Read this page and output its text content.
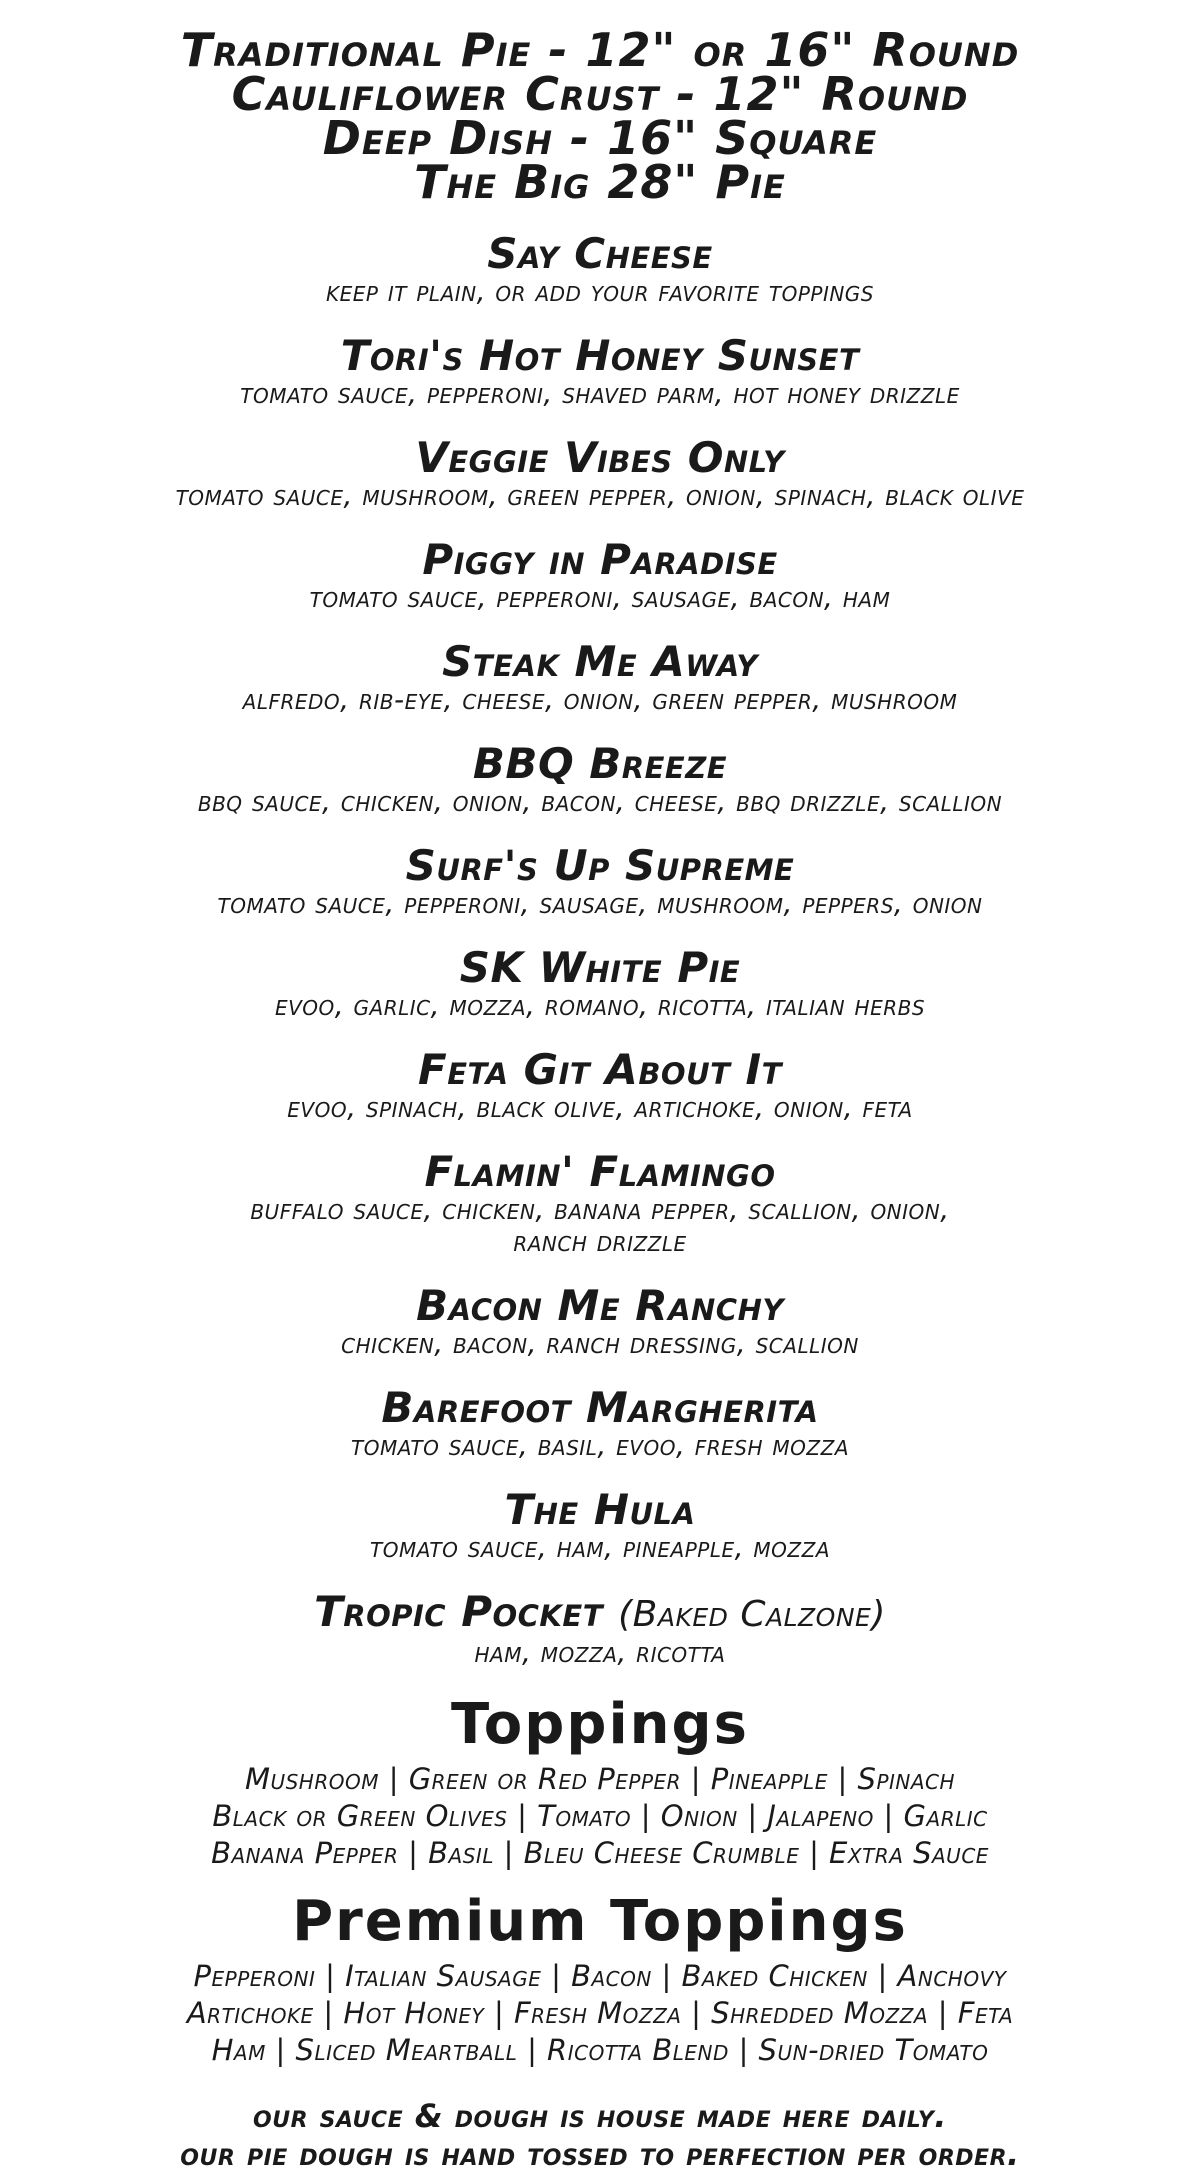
Traditional Pie - 12" or 16" Round
Cauliflower Crust - 12" Round
Deep Dish - 16" Square
The Big 28" Pie
Say Cheese
keep it plain, or add your favorite toppings
Tori's Hot Honey Sunset
tomato sauce, pepperoni, shaved parm, hot honey drizzle
Veggie Vibes Only
tomato sauce, mushroom, green pepper, onion, spinach, black olive
Piggy in Paradise
tomato sauce, pepperoni, sausage, bacon, ham
Steak Me Away
alfredo, rib-eye, cheese, onion, green pepper, mushroom
BBQ Breeze
bbq sauce, chicken, onion, bacon, cheese, bbq drizzle, scallion
Surf's Up Supreme
tomato sauce, pepperoni, sausage, mushroom, peppers, onion
SK White Pie
evoo, garlic, mozza, romano, ricotta, italian herbs
Feta Git About It
evoo, spinach, black olive, artichoke, onion, feta
Flamin' Flamingo
buffalo sauce, chicken, banana pepper, scallion, onion,
ranch drizzle
Bacon Me Ranchy
chicken, bacon, ranch dressing, scallion
Barefoot Margherita
tomato sauce, basil, evoo, fresh mozza
The Hula
tomato sauce, ham, pineapple, mozza
Tropic Pocket (Baked Calzone)
ham, mozza, ricotta
Toppings
Mushroom | Green or Red Pepper | Pineapple | Spinach
Black or Green Olives | Tomato | Onion | Jalapeno | Garlic
Banana Pepper | Basil | Bleu Cheese Crumble | Extra Sauce
Premium Toppings
Pepperoni | Italian Sausage | Bacon | Baked Chicken | Anchovy
Artichoke | Hot Honey | Fresh Mozza | Shredded Mozza | Feta
Ham | Sliced Meartball | Ricotta Blend | Sun-dried Tomato
our sauce & dough is house made here daily.
our pie dough is hand tossed to perfection per order.
